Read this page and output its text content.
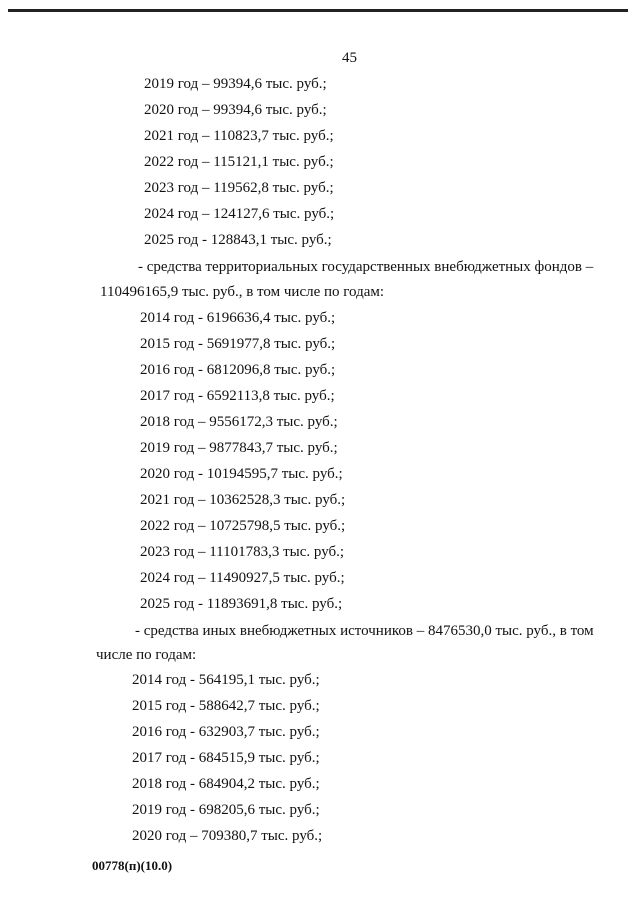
45
2019 год – 99394,6 тыс. руб.;
2020 год – 99394,6 тыс. руб.;
2021 год – 110823,7 тыс. руб.;
2022 год – 115121,1 тыс. руб.;
2023 год – 119562,8 тыс. руб.;
2024 год – 124127,6 тыс. руб.;
2025 год - 128843,1 тыс. руб.;
- средства территориальных государственных внебюджетных фондов –
110496165,9 тыс. руб., в том числе по годам:
2014 год - 6196636,4 тыс. руб.;
2015 год - 5691977,8 тыс. руб.;
2016 год - 6812096,8 тыс. руб.;
2017 год - 6592113,8 тыс. руб.;
2018 год – 9556172,3 тыс. руб.;
2019 год – 9877843,7 тыс. руб.;
2020 год - 10194595,7 тыс. руб.;
2021 год – 10362528,3 тыс. руб.;
2022 год – 10725798,5 тыс. руб.;
2023 год – 11101783,3 тыс. руб.;
2024 год – 11490927,5 тыс. руб.;
2025 год - 11893691,8 тыс. руб.;
- средства иных внебюджетных источников – 8476530,0 тыс. руб., в том
числе по годам:
2014 год - 564195,1 тыс. руб.;
2015 год - 588642,7 тыс. руб.;
2016 год - 632903,7 тыс. руб.;
2017 год - 684515,9 тыс. руб.;
2018 год - 684904,2 тыс. руб.;
2019 год - 698205,6 тыс. руб.;
2020 год – 709380,7 тыс. руб.;
00778(п)(10.0)
